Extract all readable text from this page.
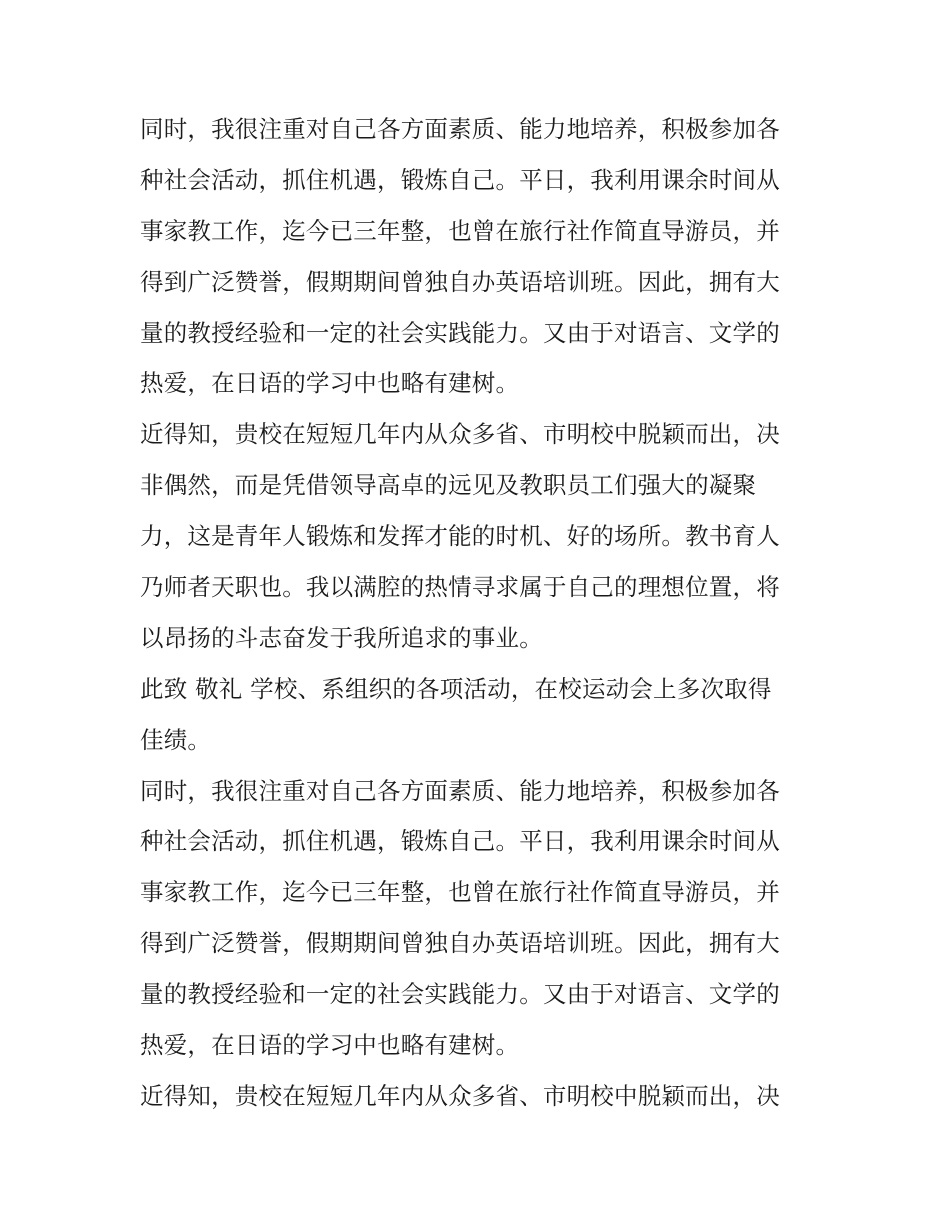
同时，我很注重对自己各方面素质、能力地培养，积极参加各
种社会活动，抓住机遇，锻炼自己。平日，我利用课余时间从
事家教工作，迄今已三年整，也曾在旅行社作简直导游员，并
得到广泛赞誉，假期期间曾独自办英语培训班。因此，拥有大
量的教授经验和一定的社会实践能力。又由于对语言、文学的
热爱，在日语的学习中也略有建树。
近得知，贵校在短短几年内从众多省、市明校中脱颖而出，决
非偶然，而是凭借领导高卓的远见及教职员工们强大的凝聚
力，这是青年人锻炼和发挥才能的时机、好的场所。教书育人
乃师者天职也。我以满腔的热情寻求属于自己的理想位置，将
以昂扬的斗志奋发于我所追求的事业。
此致 敬礼 学校、系组织的各项活动，在校运动会上多次取得
佳绩。
同时，我很注重对自己各方面素质、能力地培养，积极参加各
种社会活动，抓住机遇，锻炼自己。平日，我利用课余时间从
事家教工作，迄今已三年整，也曾在旅行社作简直导游员，并
得到广泛赞誉，假期期间曾独自办英语培训班。因此，拥有大
量的教授经验和一定的社会实践能力。又由于对语言、文学的
热爱，在日语的学习中也略有建树。
近得知，贵校在短短几年内从众多省、市明校中脱颖而出，决
